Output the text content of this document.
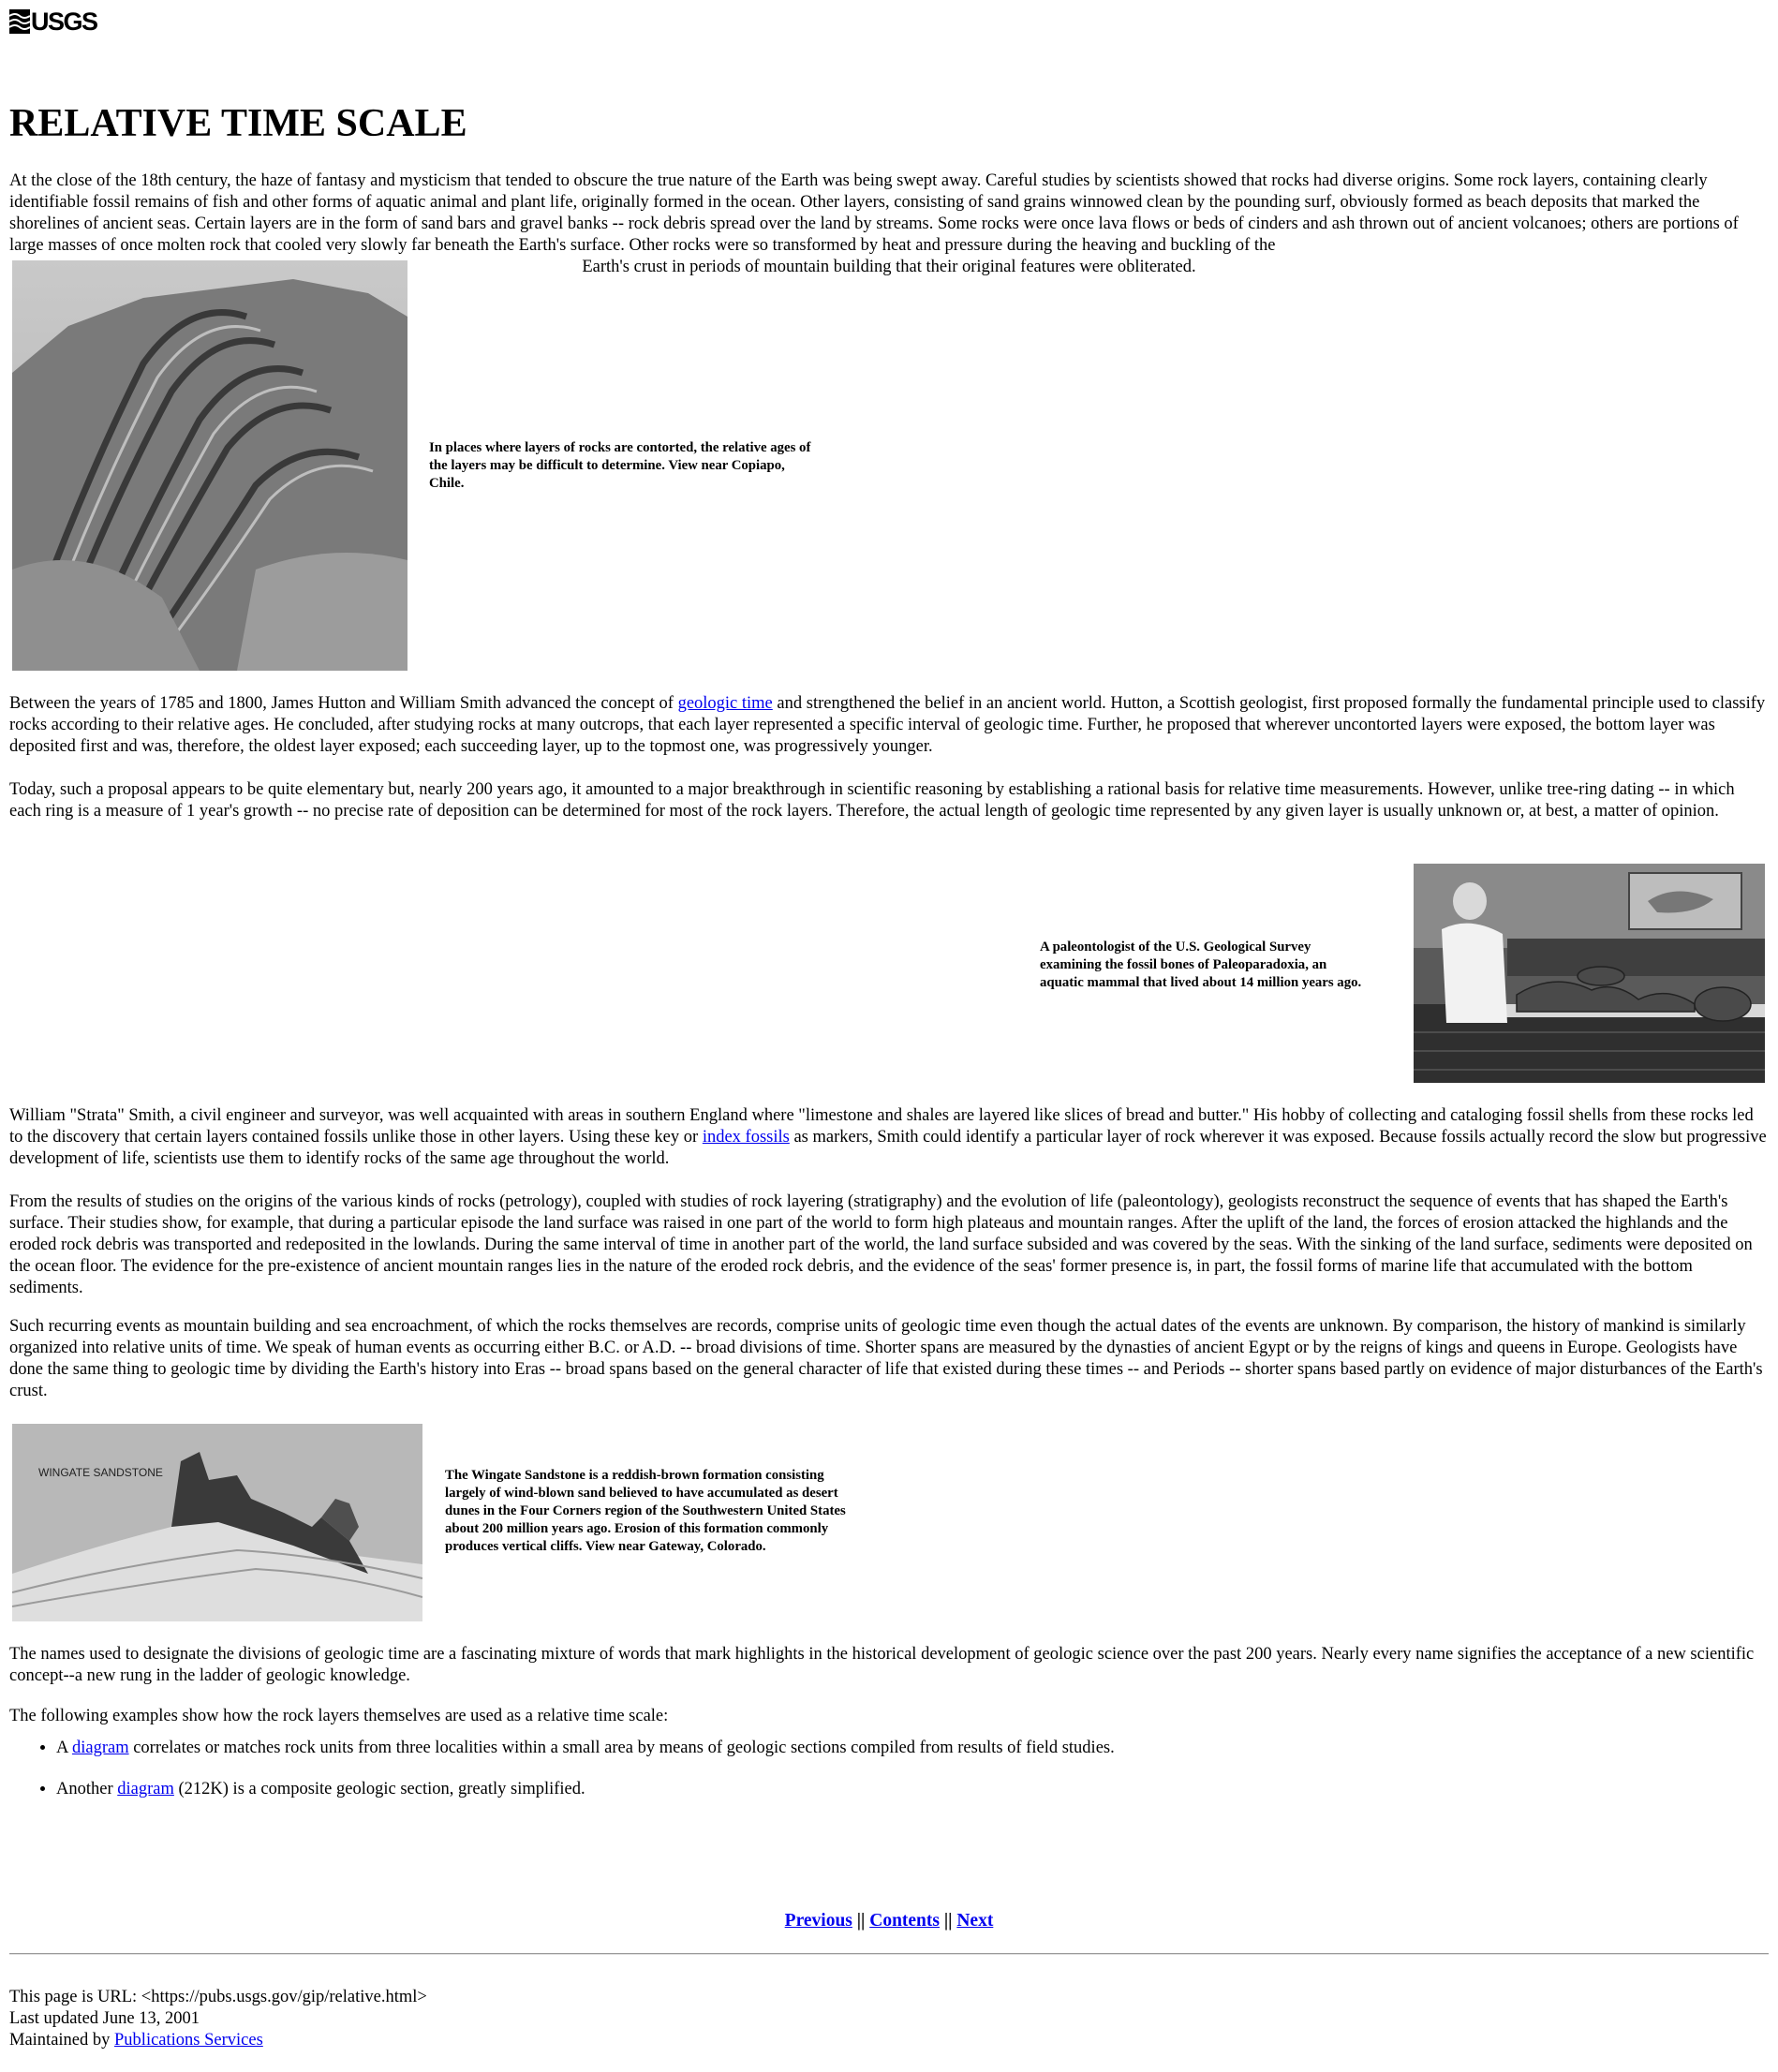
USGS
RELATIVE TIME SCALE

At the close of the 18th century, the haze of fantasy and mysticism that tended to obscure the true nature of the Earth was being swept away. Careful studies by scientists showed that rocks had diverse origins. Some rock layers, containing clearly identifiable fossil remains of fish and other forms of aquatic animal and plant life, originally formed in the ocean. Other layers, consisting of sand grains winnowed clean by the pounding surf, obviously formed as beach deposits that marked the shorelines of ancient seas. Certain layers are in the form of sand bars and gravel banks -- rock debris spread over the land by streams. Some rocks were once lava flows or beds of cinders and ash thrown out of ancient volcanoes; others are portions of large masses of once molten rock that cooled very slowly far beneath the Earth's surface. Other rocks were so transformed by heat and pressure during the heaving and buckling of the

Earth's crust in periods of mountain building that their original features were obliterated.

In places where layers of rocks are contorted, the relative ages of the layers may be difficult to determine. View near Copiapo, Chile.

Between the years of 1785 and 1800, James Hutton and William Smith advanced the concept of geologic time and strengthened the belief in an ancient world. Hutton, a Scottish geologist, first proposed formally the fundamental principle used to classify rocks according to their relative ages. He concluded, after studying rocks at many outcrops, that each layer represented a specific interval of geologic time. Further, he proposed that wherever uncontorted layers were exposed, the bottom layer was deposited first and was, therefore, the oldest layer exposed; each succeeding layer, up to the topmost one, was progressively younger.

Today, such a proposal appears to be quite elementary but, nearly 200 years ago, it amounted to a major breakthrough in scientific reasoning by establishing a rational basis for relative time measurements. However, unlike tree-ring dating -- in which each ring is a measure of 1 year's growth -- no precise rate of deposition can be determined for most of the rock layers. Therefore, the actual length of geologic time represented by any given layer is usually unknown or, at best, a matter of opinion.

A paleontologist of the U.S. Geological Survey examining the fossil bones of Paleoparadoxia, an aquatic mammal that lived about 14 million years ago.

William "Strata" Smith, a civil engineer and surveyor, was well acquainted with areas in southern England where "limestone and shales are layered like slices of bread and butter." His hobby of collecting and cataloging fossil shells from these rocks led to the discovery that certain layers contained fossils unlike those in other layers. Using these key or index fossils as markers, Smith could identify a particular layer of rock wherever it was exposed. Because fossils actually record the slow but progressive development of life, scientists use them to identify rocks of the same age throughout the world.

From the results of studies on the origins of the various kinds of rocks (petrology), coupled with studies of rock layering (stratigraphy) and the evolution of life (paleontology), geologists reconstruct the sequence of events that has shaped the Earth's surface. Their studies show, for example, that during a particular episode the land surface was raised in one part of the world to form high plateaus and mountain ranges. After the uplift of the land, the forces of erosion attacked the highlands and the eroded rock debris was transported and redeposited in the lowlands. During the same interval of time in another part of the world, the land surface subsided and was covered by the seas. With the sinking of the land surface, sediments were deposited on the ocean floor. The evidence for the pre-existence of ancient mountain ranges lies in the nature of the eroded rock debris, and the evidence of the seas' former presence is, in part, the fossil forms of marine life that accumulated with the bottom sediments.

Such recurring events as mountain building and sea encroachment, of which the rocks themselves are records, comprise units of geologic time even though the actual dates of the events are unknown. By comparison, the history of mankind is similarly organized into relative units of time. We speak of human events as occurring either B.C. or A.D. -- broad divisions of time. Shorter spans are measured by the dynasties of ancient Egypt or by the reigns of kings and queens in Europe. Geologists have done the same thing to geologic time by dividing the Earth's history into Eras -- broad spans based on the general character of life that existed during these times -- and Periods -- shorter spans based partly on evidence of major disturbances of the Earth's crust.

WINGATE SANDSTONE	The Wingate Sandstone is a reddish-brown formation consisting largely of wind-blown sand believed to have accumulated as desert dunes in the Four Corners region of the Southwestern United States about 200 million years ago. Erosion of this formation commonly produces vertical cliffs. View near Gateway, Colorado.

The names used to designate the divisions of geologic time are a fascinating mixture of words that mark highlights in the historical development of geologic science over the past 200 years. Nearly every name signifies the acceptance of a new scientific concept--a new rung in the ladder of geologic knowledge.

The following examples show how the rock layers themselves are used as a relative time scale:

• A diagram correlates or matches rock units from three localities within a small area by means of geologic sections compiled from results of field studies.
• Another diagram (212K) is a composite geologic section, greatly simplified.
Previous || Contents || Next
This page is URL: <https://pubs.usgs.gov/gip/relative.html>
Last updated June 13, 2001
Maintained by Publications Services
